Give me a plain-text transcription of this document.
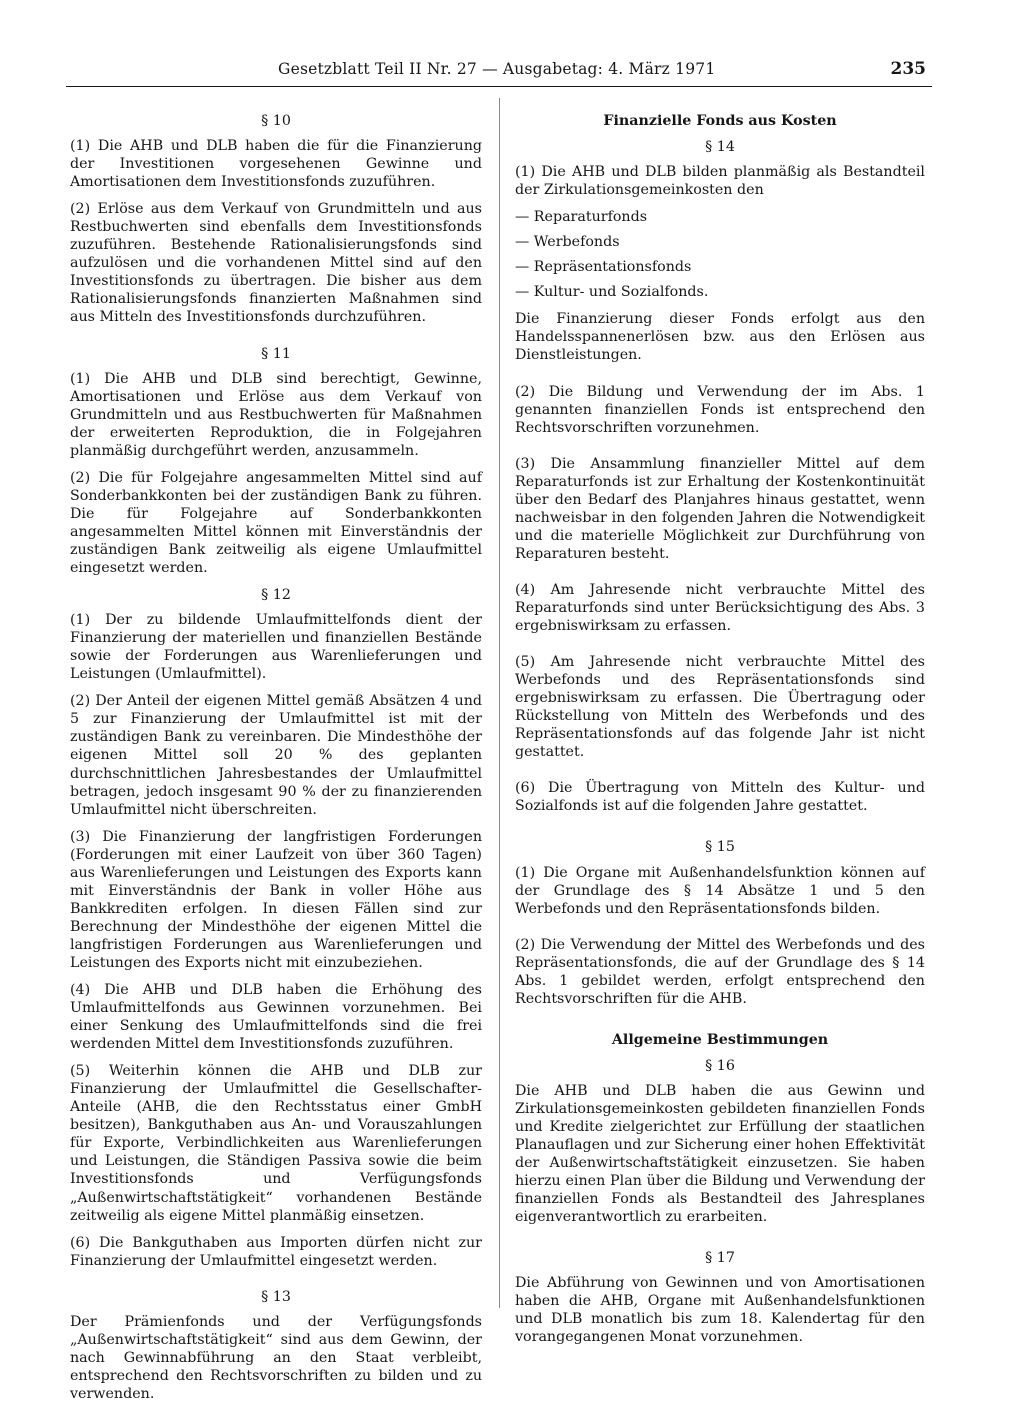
Gesetzblatt Teil II Nr. 27 — Ausgabetag: 4. März 1971	235
§ 10

(1) Die AHB und DLB haben die für die Finanzierung der Investitionen vorgesehenen Gewinne und Amortisationen dem Investitionsfonds zuzuführen.

(2) Erlöse aus dem Verkauf von Grundmitteln und aus Restbuchwerten sind ebenfalls dem Investitionsfonds zuzuführen. Bestehende Rationalisierungsfonds sind aufzulösen und die vorhandenen Mittel sind auf den Investitionsfonds zu übertragen. Die bisher aus dem Rationalisierungsfonds finanzierten Maßnahmen sind aus Mitteln des Investitionsfonds durchzuführen.

§ 11

(1) Die AHB und DLB sind berechtigt, Gewinne, Amortisationen und Erlöse aus dem Verkauf von Grundmitteln und aus Restbuchwerten für Maßnahmen der erweiterten Reproduktion, die in Folgejahren planmäßig durchgeführt werden, anzusammeln.

(2) Die für Folgejahre angesammelten Mittel sind auf Sonderbankkonten bei der zuständigen Bank zu führen. Die für Folgejahre auf Sonderbankkonten angesammelten Mittel können mit Einverständnis der zuständigen Bank zeitweilig als eigene Umlaufmittel eingesetzt werden.

§ 12

(1) Der zu bildende Umlaufmittelfonds dient der Finanzierung der materiellen und finanziellen Bestände sowie der Forderungen aus Warenlieferungen und Leistungen (Umlaufmittel).

(2) Der Anteil der eigenen Mittel gemäß Absätzen 4 und 5 zur Finanzierung der Umlaufmittel ist mit der zuständigen Bank zu vereinbaren. Die Mindesthöhe der eigenen Mittel soll 20 % des geplanten durchschnittlichen Jahresbestandes der Umlaufmittel betragen, jedoch insgesamt 90 % der zu finanzierenden Umlaufmittel nicht überschreiten.

(3) Die Finanzierung der langfristigen Forderungen (Forderungen mit einer Laufzeit von über 360 Tagen) aus Warenlieferungen und Leistungen des Exports kann mit Einverständnis der Bank in voller Höhe aus Bankkrediten erfolgen. In diesen Fällen sind zur Berechnung der Mindesthöhe der eigenen Mittel die langfristigen Forderungen aus Warenlieferungen und Leistungen des Exports nicht mit einzubeziehen.

(4) Die AHB und DLB haben die Erhöhung des Umlaufmittelfonds aus Gewinnen vorzunehmen. Bei einer Senkung des Umlaufmittelfonds sind die frei werdenden Mittel dem Investitionsfonds zuzuführen.

(5) Weiterhin können die AHB und DLB zur Finanzierung der Umlaufmittel die Gesellschafter-Anteile (AHB, die den Rechtsstatus einer GmbH besitzen), Bankguthaben aus An- und Vorauszahlungen für Exporte, Verbindlichkeiten aus Warenlieferungen und Leistungen, die Ständigen Passiva sowie die beim Investitionsfonds und Verfügungsfonds „Außenwirtschaftstätigkeit“ vorhandenen Bestände zeitweilig als eigene Mittel planmäßig einsetzen.

(6) Die Bankguthaben aus Importen dürfen nicht zur Finanzierung der Umlaufmittel eingesetzt werden.

§ 13

Der Prämienfonds und der Verfügungsfonds „Außenwirtschaftstätigkeit“ sind aus dem Gewinn, der nach Gewinnabführung an den Staat verbleibt, entsprechend den Rechtsvorschriften zu bilden und zu verwenden.

Finanzielle Fonds aus Kosten
§ 14

(1) Die AHB und DLB bilden planmäßig als Bestandteil der Zirkulationsgemeinkosten den

— Reparaturfonds
— Werbefonds
— Repräsentationsfonds
— Kultur- und Sozialfonds.

Die Finanzierung dieser Fonds erfolgt aus den Handelsspannenerlösen bzw. aus den Erlösen aus Dienstleistungen.

(2) Die Bildung und Verwendung der im Abs. 1 genannten finanziellen Fonds ist entsprechend den Rechtsvorschriften vorzunehmen.

(3) Die Ansammlung finanzieller Mittel auf dem Reparaturfonds ist zur Erhaltung der Kostenkontinuität über den Bedarf des Planjahres hinaus gestattet, wenn nachweisbar in den folgenden Jahren die Notwendigkeit und die materielle Möglichkeit zur Durchführung von Reparaturen besteht.

(4) Am Jahresende nicht verbrauchte Mittel des Reparaturfonds sind unter Berücksichtigung des Abs. 3 ergebniswirksam zu erfassen.

(5) Am Jahresende nicht verbrauchte Mittel des Werbefonds und des Repräsentationsfonds sind ergebniswirksam zu erfassen. Die Übertragung oder Rückstellung von Mitteln des Werbefonds und des Repräsentationsfonds auf das folgende Jahr ist nicht gestattet.

(6) Die Übertragung von Mitteln des Kultur- und Sozialfonds ist auf die folgenden Jahre gestattet.

§ 15

(1) Die Organe mit Außenhandelsfunktion können auf der Grundlage des § 14 Absätze 1 und 5 den Werbefonds und den Repräsentationsfonds bilden.

(2) Die Verwendung der Mittel des Werbefonds und des Repräsentationsfonds, die auf der Grundlage des § 14 Abs. 1 gebildet werden, erfolgt entsprechend den Rechtsvorschriften für die AHB.

Allgemeine Bestimmungen
§ 16

Die AHB und DLB haben die aus Gewinn und Zirkulationsgemeinkosten gebildeten finanziellen Fonds und Kredite zielgerichtet zur Erfüllung der staatlichen Planauflagen und zur Sicherung einer hohen Effektivität der Außenwirtschaftstätigkeit einzusetzen. Sie haben hierzu einen Plan über die Bildung und Verwendung der finanziellen Fonds als Bestandteil des Jahresplanes eigenverantwortlich zu erarbeiten.

§ 17

Die Abführung von Gewinnen und von Amortisationen haben die AHB, Organe mit Außenhandelsfunktionen und DLB monatlich bis zum 18. Kalendertag für den vorangegangenen Monat vorzunehmen.
